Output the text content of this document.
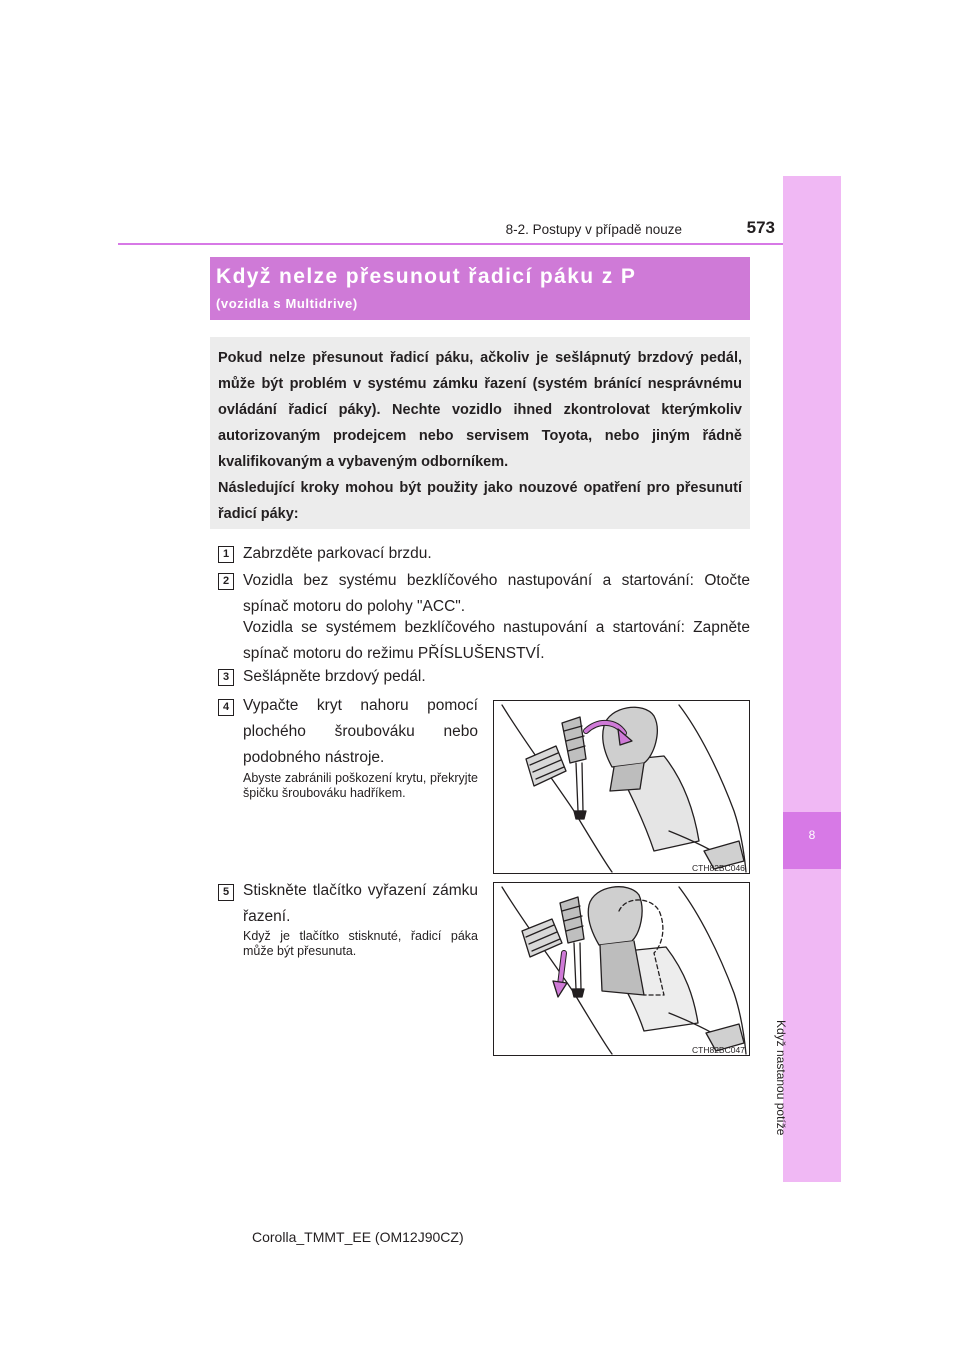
8
Když nastanou potíže
8-2. Postupy v případě nouze	573
Když nelze přesunout řadicí páku z P
(vozidla s Multidrive)

Pokud nelze přesunout řadicí páku, ačkoliv je sešlápnutý brzdový pedál, může být problém v systému zámku řazení (systém bránící nesprávnému ovládání řadicí páky). Nechte vozidlo ihned zkontrolovat kterýmkoliv autorizovaným prodejcem nebo servisem Toyota, nebo jiným řádně kvalifikovaným a vybaveným odborníkem.

Následující kroky mohou být použity jako nouzové opatření pro přesunutí řadicí páky:

1 Zabrzděte parkovací brzdu.
2 Vozidla bez systému bezklíčového nastupování a startování: Otočte spínač motoru do polohy "ACC".
Vozidla se systémem bezklíčového nastupování a startování: Zapněte spínač motoru do režimu PŘÍSLUŠENSTVÍ.
3 Sešlápněte brzdový pedál.
4 Vypačte kryt nahoru pomocí plochého šroubováku nebo podobného nástroje.
Abyste zabránili poškození krytu, překryjte špičku šroubováku hadříkem.
CTH82BC046
5 Stiskněte tlačítko vyřazení zámku řazení.
Když je tlačítko stisknuté, řadicí páka může být přesunuta.
CTH82BC047
Corolla_TMMT_EE (OM12J90CZ)
